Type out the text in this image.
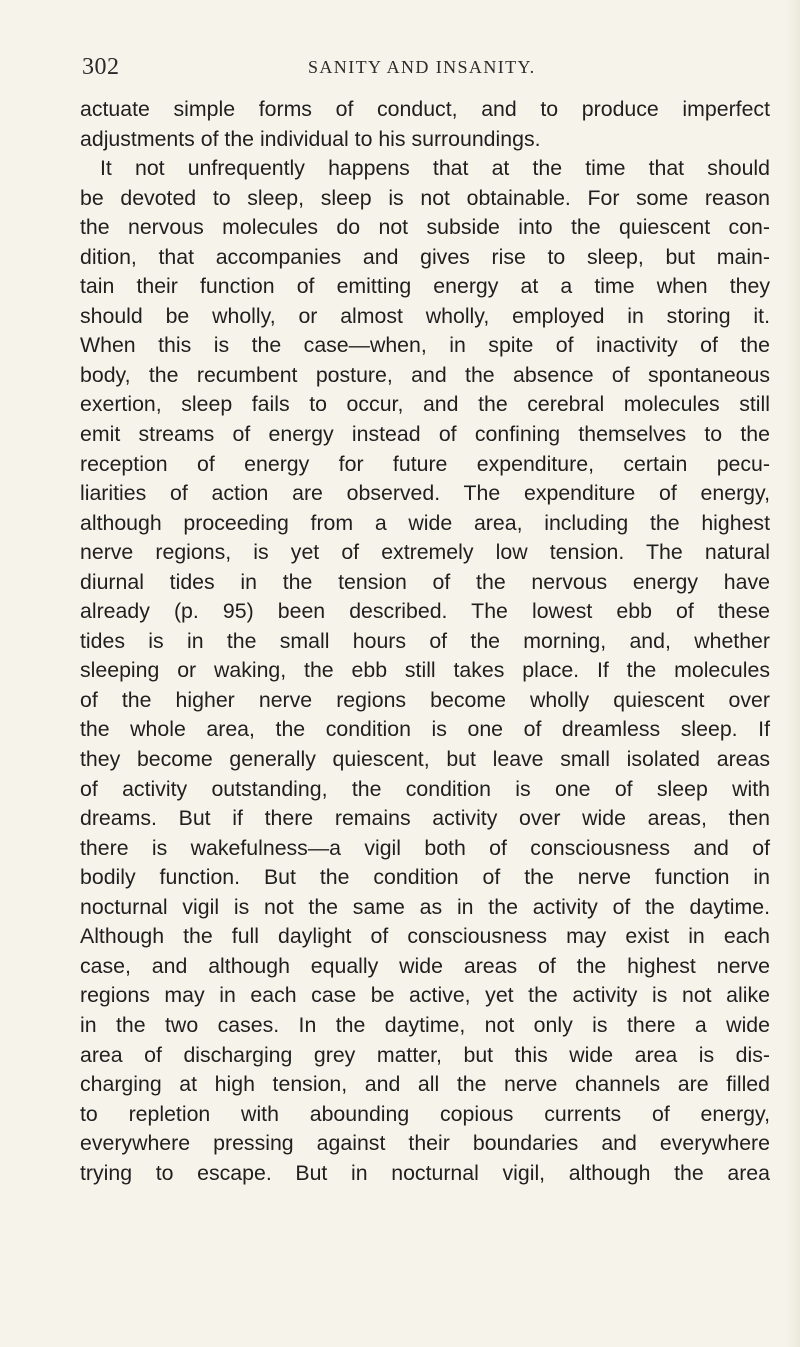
302	SANITY AND INSANITY.
actuate simple forms of conduct, and to produce imperfect
adjustments of the individual to his surroundings.
It not unfrequently happens that at the time that should
be devoted to sleep, sleep is not obtainable. For some reason
the nervous molecules do not subside into the quiescent con-
dition, that accompanies and gives rise to sleep, but main-
tain their function of emitting energy at a time when they
should be wholly, or almost wholly, employed in storing it.
When this is the case—when, in spite of inactivity of the
body, the recumbent posture, and the absence of spontaneous
exertion, sleep fails to occur, and the cerebral molecules still
emit streams of energy instead of confining themselves to the
reception of energy for future expenditure, certain pecu-
liarities of action are observed. The expenditure of energy,
although proceeding from a wide area, including the highest
nerve regions, is yet of extremely low tension. The natural
diurnal tides in the tension of the nervous energy have
already (p. 95) been described. The lowest ebb of these
tides is in the small hours of the morning, and, whether
sleeping or waking, the ebb still takes place. If the molecules
of the higher nerve regions become wholly quiescent over
the whole area, the condition is one of dreamless sleep. If
they become generally quiescent, but leave small isolated areas
of activity outstanding, the condition is one of sleep with
dreams. But if there remains activity over wide areas, then
there is wakefulness—a vigil both of consciousness and of
bodily function. But the condition of the nerve function in
nocturnal vigil is not the same as in the activity of the daytime.
Although the full daylight of consciousness may exist in each
case, and although equally wide areas of the highest nerve
regions may in each case be active, yet the activity is not alike
in the two cases. In the daytime, not only is there a wide
area of discharging grey matter, but this wide area is dis-
charging at high tension, and all the nerve channels are filled
to repletion with abounding copious currents of energy,
everywhere pressing against their boundaries and everywhere
trying to escape. But in nocturnal vigil, although the area
